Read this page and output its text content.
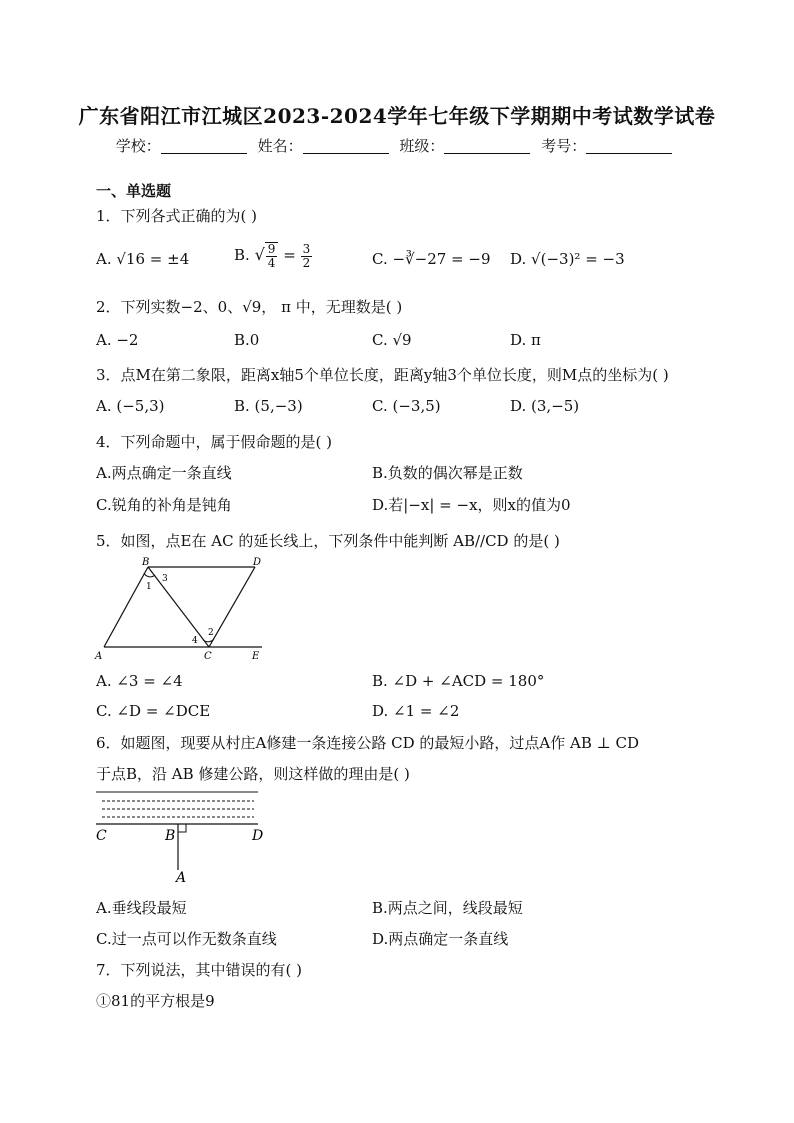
广东省阳江市江城区2023-2024学年七年级下学期期中考试数学试卷
学校：	姓名：	班级：	考号：
一、单选题
1．下列各式正确的为( )
A. √16 = ±4	B. √ $\frac{9}{4} = \frac{3}{2}$	C. −∛−27 = −9 D. √(−3)² = −3
2．下列实数−2、0、√9， π 中，无理数是( )
A. −2	B.0	C. √9	D. π
3．点M在第二象限，距离x轴5个单位长度，距离y轴3个单位长度，则M点的坐标为( )
A. (−5,3)	B. (5,−3)	C. (−3,5)	D. (3,−5)
4．下列命题中，属于假命题的是( )
A.两点确定一条直线	B.负数的偶次幂是正数
C.锐角的补角是钝角	D.若|−x| = −x，则x的值为0
5．如图，点E在 AC 的延长线上，下列条件中能判断 AB//CD 的是( )
A
B
C
D
E
1
3
2
4
A. ∠3 = ∠4	B. ∠D + ∠ACD = 180°
C. ∠D = ∠DCE	D. ∠1 = ∠2
6．如题图，现要从村庄A修建一条连接公路 CD 的最短小路，过点A作 AB ⊥ CD
于点B，沿 AB 修建公路，则这样做的理由是( )
C	B	D
A
A.垂线段最短	B.两点之间，线段最短
C.过一点可以作无数条直线	D.两点确定一条直线
7．下列说法，其中错误的有( )
①81的平方根是9
